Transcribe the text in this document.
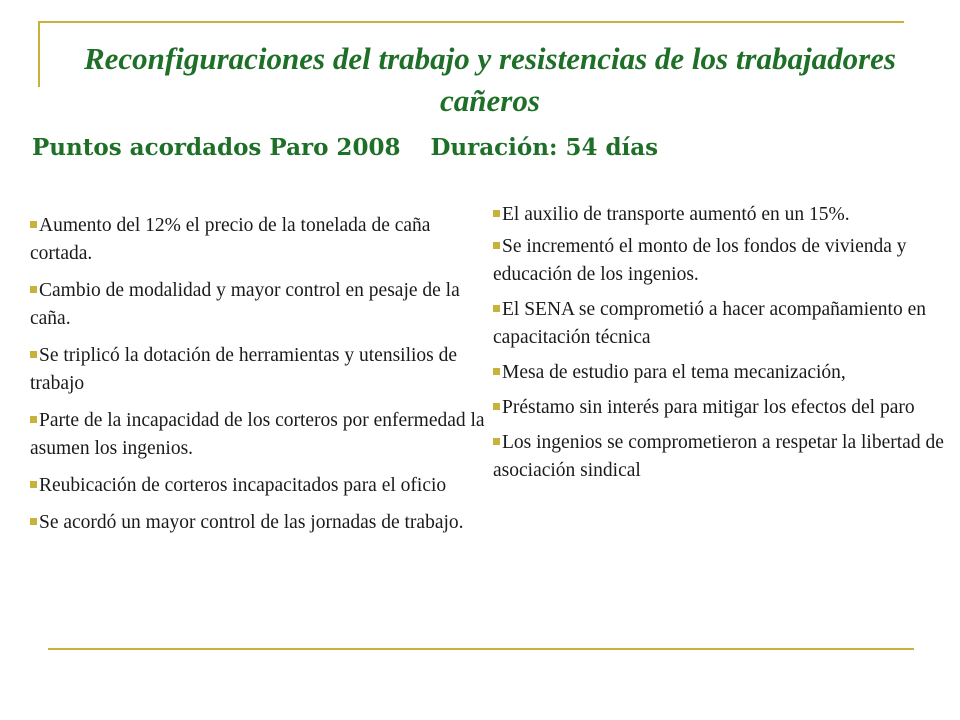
Reconfiguraciones del trabajo y resistencias de los trabajadores cañeros
Puntos acordados Paro 2008 Duración: 54 días
Aumento del 12% el precio de la tonelada de caña cortada.
Cambio de modalidad y mayor control en pesaje de la caña.
Se triplicó la dotación de herramientas y utensilios de trabajo
Parte de la incapacidad de los corteros por enfermedad la asumen los ingenios.
Reubicación de corteros incapacitados para el oficio
Se acordó un mayor control de las jornadas de trabajo.
El auxilio de transporte aumentó en un 15%.
Se incrementó el monto de los fondos de vivienda y educación de los ingenios.
El SENA se comprometió a hacer acompañamiento en capacitación técnica
Mesa de estudio para el tema mecanización,
Préstamo sin interés para mitigar los efectos del paro
Los ingenios se comprometieron a respetar la libertad de asociación sindical
